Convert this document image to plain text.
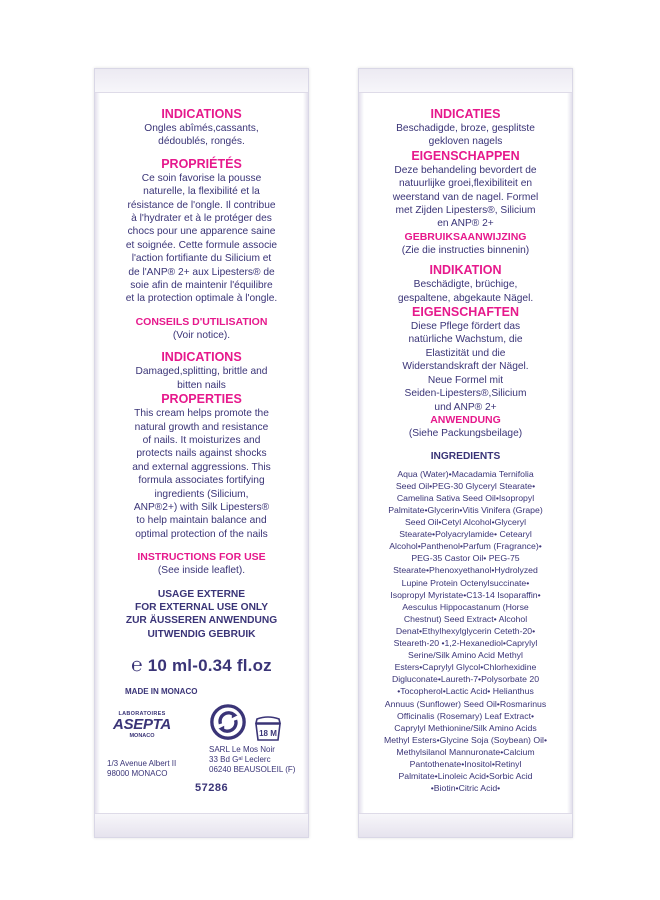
INDICATIONS
Ongles abîmés,cassants,
dédoublés, rongés.
PROPRIÉTÉS
Ce soin favorise la pousse
naturelle, la flexibilité et la
résistance de l'ongle. Il contribue
à l'hydrater et à le protéger des
chocs pour une apparence saine
et soignée. Cette formule associe
l'action fortifiante du Silicium et
de l'ANP® 2+ aux Lipesters® de
soie afin de maintenir l'équilibre
et la protection optimale à l'ongle.
CONSEILS D'UTILISATION
(Voir notice).
INDICATIONS
Damaged,splitting, brittle and
bitten nails
PROPERTIES
This cream helps promote the
natural growth and resistance
of nails. It moisturizes and
protects nails against shocks
and external aggressions. This
formula associates fortifying
ingredients (Silicium,
ANP®2+) with Silk Lipesters®
to help maintain balance and
optimal protection of the nails
INSTRUCTIONS FOR USE
(See inside leaflet).
USAGE EXTERNE
FOR EXTERNAL USE ONLY
ZUR ÄUSSEREN ANWENDUNG
UITWENDIG GEBRUIK
℮ 10 ml-0.34 fl.oz
MADE IN MONACO
LABORATOIRES
ASEPTA
MONACO	18 M
SARL Le Mos Noir
33 Bd Gᵃˡ Leclerc
06240 BEAUSOLEIL (F)
1/3 Avenue Albert II
98000 MONACO
57286
INDICATIES
Beschadigde, broze, gesplitste
gekloven nagels
EIGENSCHAPPEN
Deze behandeling bevordert de
natuurlijke groei,flexibiliteit en
weerstand van de nagel. Formel
met Zijden Lipesters®, Silicium
en ANP® 2+
GEBRUIKSAANWIJZING
(Zie die instructies binnenin)
INDIKATION
Beschädigte, brüchige,
gespaltene, abgekaute Nägel.
EIGENSCHAFTEN
Diese Pflege fördert das
natürliche Wachstum, die
Elastizität und die
Widerstandskraft der Nägel.
Neue Formel mit
Seiden-Lipesters®,Silicium
und ANP® 2+
ANWENDUNG
(Siehe Packungsbeilage)
INGREDIENTS
Aqua (Water)•Macadamia Ternifolia
Seed Oil•PEG-30 Glyceryl Stearate•
Camelina Sativa Seed Oil•Isopropyl
Palmitate•Glycerin•Vitis Vinifera (Grape)
Seed Oil•Cetyl Alcohol•Glyceryl
Stearate•Polyacrylamide• Cetearyl
Alcohol•Panthenol•Parfum (Fragrance)•
PEG-35 Castor Oil• PEG-75
Stearate•Phenoxyethanol•Hydrolyzed
Lupine Protein Octenylsuccinate•
Isopropyl Myristate•C13-14 Isoparaffin•
Aesculus Hippocastanum (Horse
Chestnut) Seed Extract• Alcohol
Denat•Ethylhexylglycerin Ceteth-20•
Steareth-20 •1,2-Hexanediol•Caprylyl
Serine/Silk Amino Acid Methyl
Esters•Caprylyl Glycol•Chlorhexidine
Digluconate•Laureth-7•Polysorbate 20
•Tocopherol•Lactic Acid• Helianthus
Annuus (Sunflower) Seed Oil•Rosmarinus
Officinalis (Rosemary) Leaf Extract•
Caprylyl Methionine/Silk Amino Acids
Methyl Esters•Glycine Soja (Soybean) Oil•
Methylsilanol Mannuronate•Calcium
Pantothenate•Inositol•Retinyl
Palmitate•Linoleic Acid•Sorbic Acid
•Biotin•Citric Acid•
